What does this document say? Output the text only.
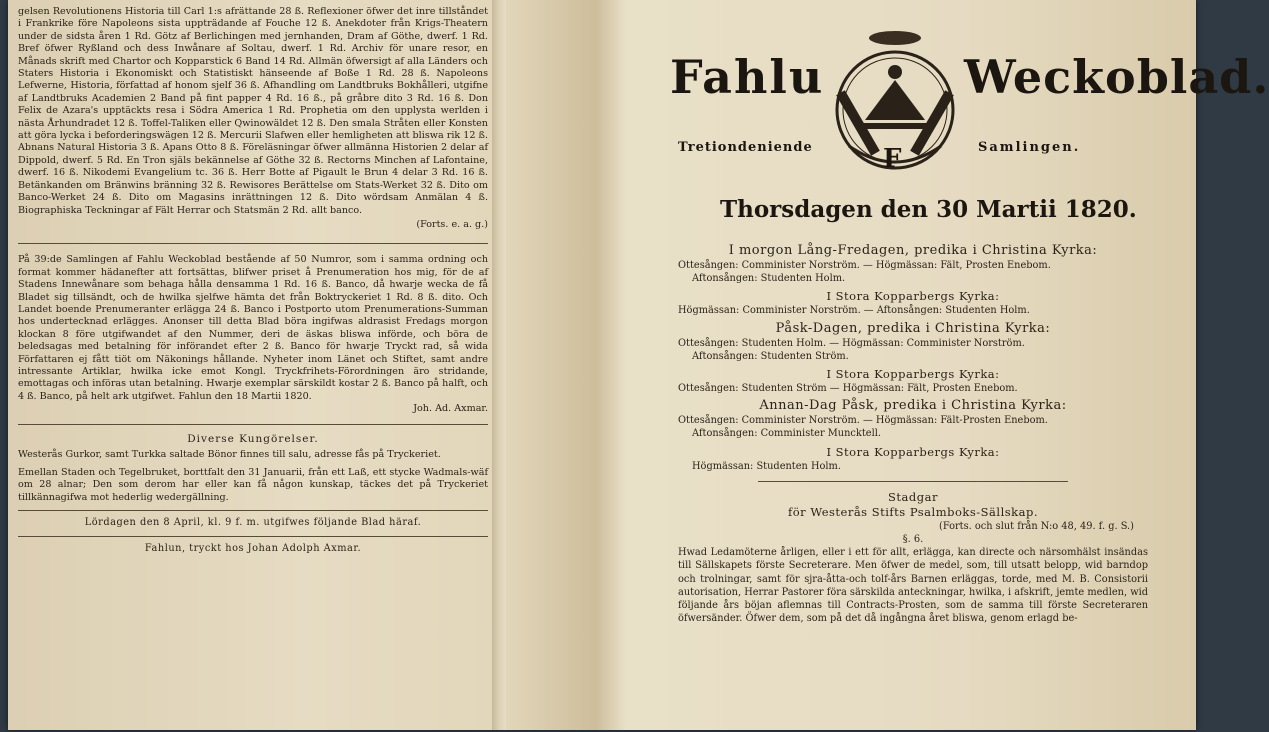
gelsen Revolutionens Historia till Carl 1:s afrättande 28 ß. Reflexioner öfwer det inre tillståndet i Frankrike före Napoleons sista uppträdande af Fouche 12 ß. Anekdoter från Krigs-Theatern under de sidsta åren 1 Rd. Götz af Berlichingen med jernhanden, Dram af Göthe, dwerf. 1 Rd. Bref öfwer Ryßland och dess Inwånare af Soltau, dwerf. 1 Rd. Archiv för unare resor, en Månads skrift med Chartor och Kopparstick 6 Band 14 Rd. Allmän öfwersigt af alla Länders och Staters Historia i Ekonomiskt och Statistiskt hänseende af Boße 1 Rd. 28 ß. Napoleons Lefwerne, Historia, författad af honom sjelf 36 ß. Afhandling om Landtbruks Bokhålleri, utgifne af Landtbruks Academien 2 Band på fint papper 4 Rd. 16 ß., på gråbre dito 3 Rd. 16 ß. Don Felix de Azara's upptäckts resa i Södra America 1 Rd. Prophetia om den upplysta werlden i nästa Århundradet 12 ß. Toffel-Taliken eller Qwinowäldet 12 ß. Den smala Stråten eller Konsten att göra lycka i beforderingswägen 12 ß. Mercurii Slafwen eller hemligheten att bliswa rik 12 ß. Abnans Natural Historia 3 ß. Apans Otto 8 ß. Föreläsningar öfwer allmänna Historien 2 delar af Dippold, dwerf. 5 Rd. En Tron själs bekännelse af Göthe 32 ß. Rectorns Minchen af Lafontaine, dwerf. 16 ß. Nikodemi Evangelium tc. 36 ß. Herr Botte af Pigault le Brun 4 delar 3 Rd. 16 ß. Betänkanden om Bränwins bränning 32 ß. Rewisores Berättelse om Stats-Werket 32 ß. Dito om Banco-Werket 24 ß. Dito om Magasins inrättningen 12 ß. Dito wördsam Anmälan 4 ß. Biographiska Teckningar af Fält Herrar och Statsmän 2 Rd. allt banco.

(Forts. e. a. g.)

På 39:de Samlingen af Fahlu Weckoblad bestående af 50 Numror, som i samma ordning och format kommer hädanefter att fortsättas, blifwer priset å Prenumeration hos mig, för de af Stadens Innewånare som behaga hålla densamma 1 Rd. 16 ß. Banco, då hwarje wecka de få Bladet sig tillsändt, och de hwilka sjelfwe hämta det från Boktryckeriet 1 Rd. 8 ß. dito. Och Landet boende Prenumeranter erlägga 24 ß. Banco i Postporto utom Prenumerations-Summan hos undertecknad erlägges. Anonser till detta Blad böra ingifwas aldrasist Fredags morgon klockan 8 före utgifwandet af den Nummer, deri de äskas bliswa införde, och böra de beledsagas med betalning för införandet efter 2 ß. Banco för hwarje Tryckt rad, så wida Författaren ej fått tiöt om Näkonings hållande. Nyheter inom Länet och Stiftet, samt andre intressante Artiklar, hwilka icke emot Kongl. Tryckfrihets-Förordningen äro stridande, emottagas och införas utan betalning. Hwarje exemplar särskildt kostar 2 ß. Banco på halft, och 4 ß. Banco, på helt ark utgifwet. Fahlun den 18 Martii 1820.

Joh. Ad. Axmar.

Diverse Kungörelser.

Westerås Gurkor, samt Turkka saltade Bönor finnes till salu, adresse fås på Tryckeriet.

Emellan Staden och Tegelbruket, borttfalt den 31 Januarii, från ett Laß, ett stycke Wadmals-wäf om 28 alnar; Den som derom har eller kan få någon kunskap, täckes det på Tryckeriet tillkännagifwa mot hederlig wedergällning.

Lördagen den 8 April, kl. 9 f. m. utgifwes följande Blad häraf.

Fahlun, tryckt hos Johan Adolph Axmar.

Fahlu	Weckoblad.
Tretiondeniende	Samlingen.
F
Thorsdagen den 30 Martii 1820.
I morgon Lång-Fredagen, predika i Christina Kyrka:

Ottesången: Comminister Norström. — Högmässan: Fält, Prosten Enebom.

Aftonsången: Studenten Holm.

I Stora Kopparbergs Kyrka:

Högmässan: Comminister Norström. — Aftonsången: Studenten Holm.

Påsk-Dagen, predika i Christina Kyrka:

Ottesången: Studenten Holm. — Högmässan: Comminister Norström.

Aftonsången: Studenten Ström.

I Stora Kopparbergs Kyrka:

Ottesången: Studenten Ström — Högmässan: Fält, Prosten Enebom.

Annan-Dag Påsk, predika i Christina Kyrka:

Ottesången: Comminister Norström. — Högmässan: Fält-Prosten Enebom.

Aftonsången: Comminister Muncktell.

I Stora Kopparbergs Kyrka:

Högmässan: Studenten Holm.

Stadgar
för Westerås Stifts Psalmboks-Sällskap.

(Forts. och slut från N:o 48, 49. f. g. S.)

§. 6.

Hwad Ledamöterne årligen, eller i ett för allt, erlägga, kan directe och närsomhälst insändas till Sällskapets förste Secreterare. Men öfwer de medel, som, till utsatt belopp, wid barndop och trolningar, samt för sjra-åtta-och tolf-års Barnen erläggas, torde, med M. B. Consistorii autorisation, Herrar Pastorer föra särskilda anteckningar, hwilka, i afskrift, jemte medlen, wid följande års böjan aflemnas till Contracts-Prosten, som de samma till förste Secreteraren öfwersänder. Öfwer dem, som på det då ingångna året bliswa, genom erlagd be-
